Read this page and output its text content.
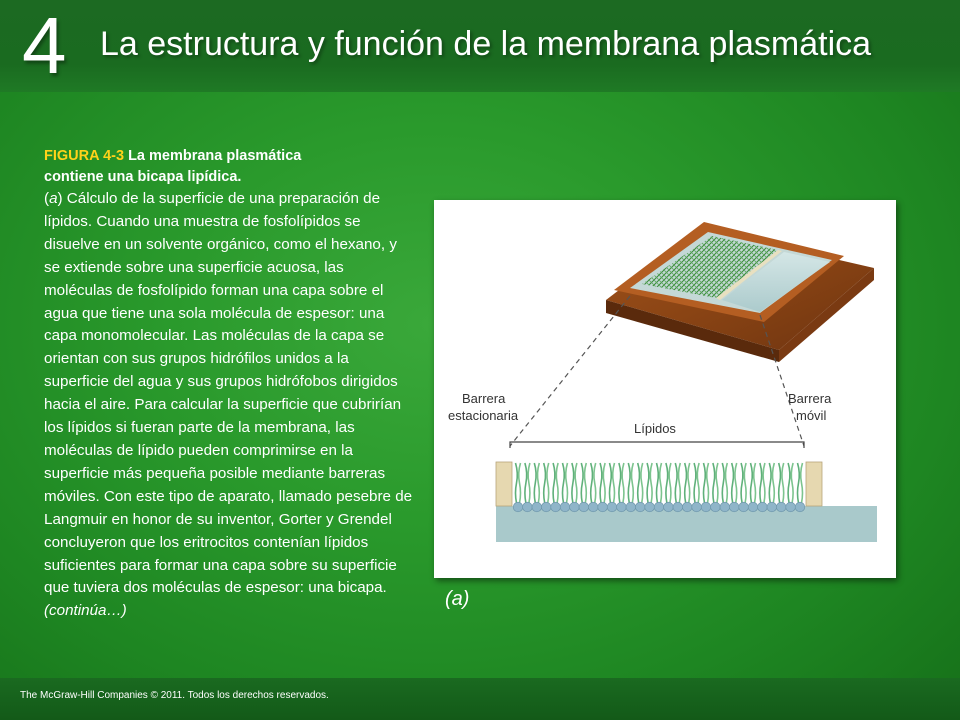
4 La estructura y función de la membrana plasmática
FIGURA 4-3 La membrana plasmática
contiene una bicapa lipídica.
(a) Cálculo de la superficie de una preparación de lípidos. Cuando una muestra de fosfolípidos se disuelve en un solvente orgánico, como el hexano, y se extiende sobre una superficie acuosa, las moléculas de fosfolípido forman una capa sobre el agua que tiene una sola molécula de espesor: una capa monomolecular. Las moléculas de la capa se orientan con sus grupos hidrófilos unidos a la superficie del agua y sus grupos hidrófobos dirigidos hacia el aire. Para calcular la superficie que cubrirían los lípidos si fueran parte de la membrana, las moléculas de lípido pueden comprimirse en la superficie más pequeña posible mediante barreras móviles. Con este tipo de aparato, llamado pesebre de Langmuir en honor de su inventor, Gorter y Grendel concluyeron que los eritrocitos contenían lípidos suficientes para formar una capa sobre su superficie que tuviera dos moléculas de espesor: una bicapa. (continúa…)
Barrera
estacionaria
Barrera
móvil
Lípidos
(a)
The McGraw-Hill Companies © 2011. Todos los derechos reservados.
